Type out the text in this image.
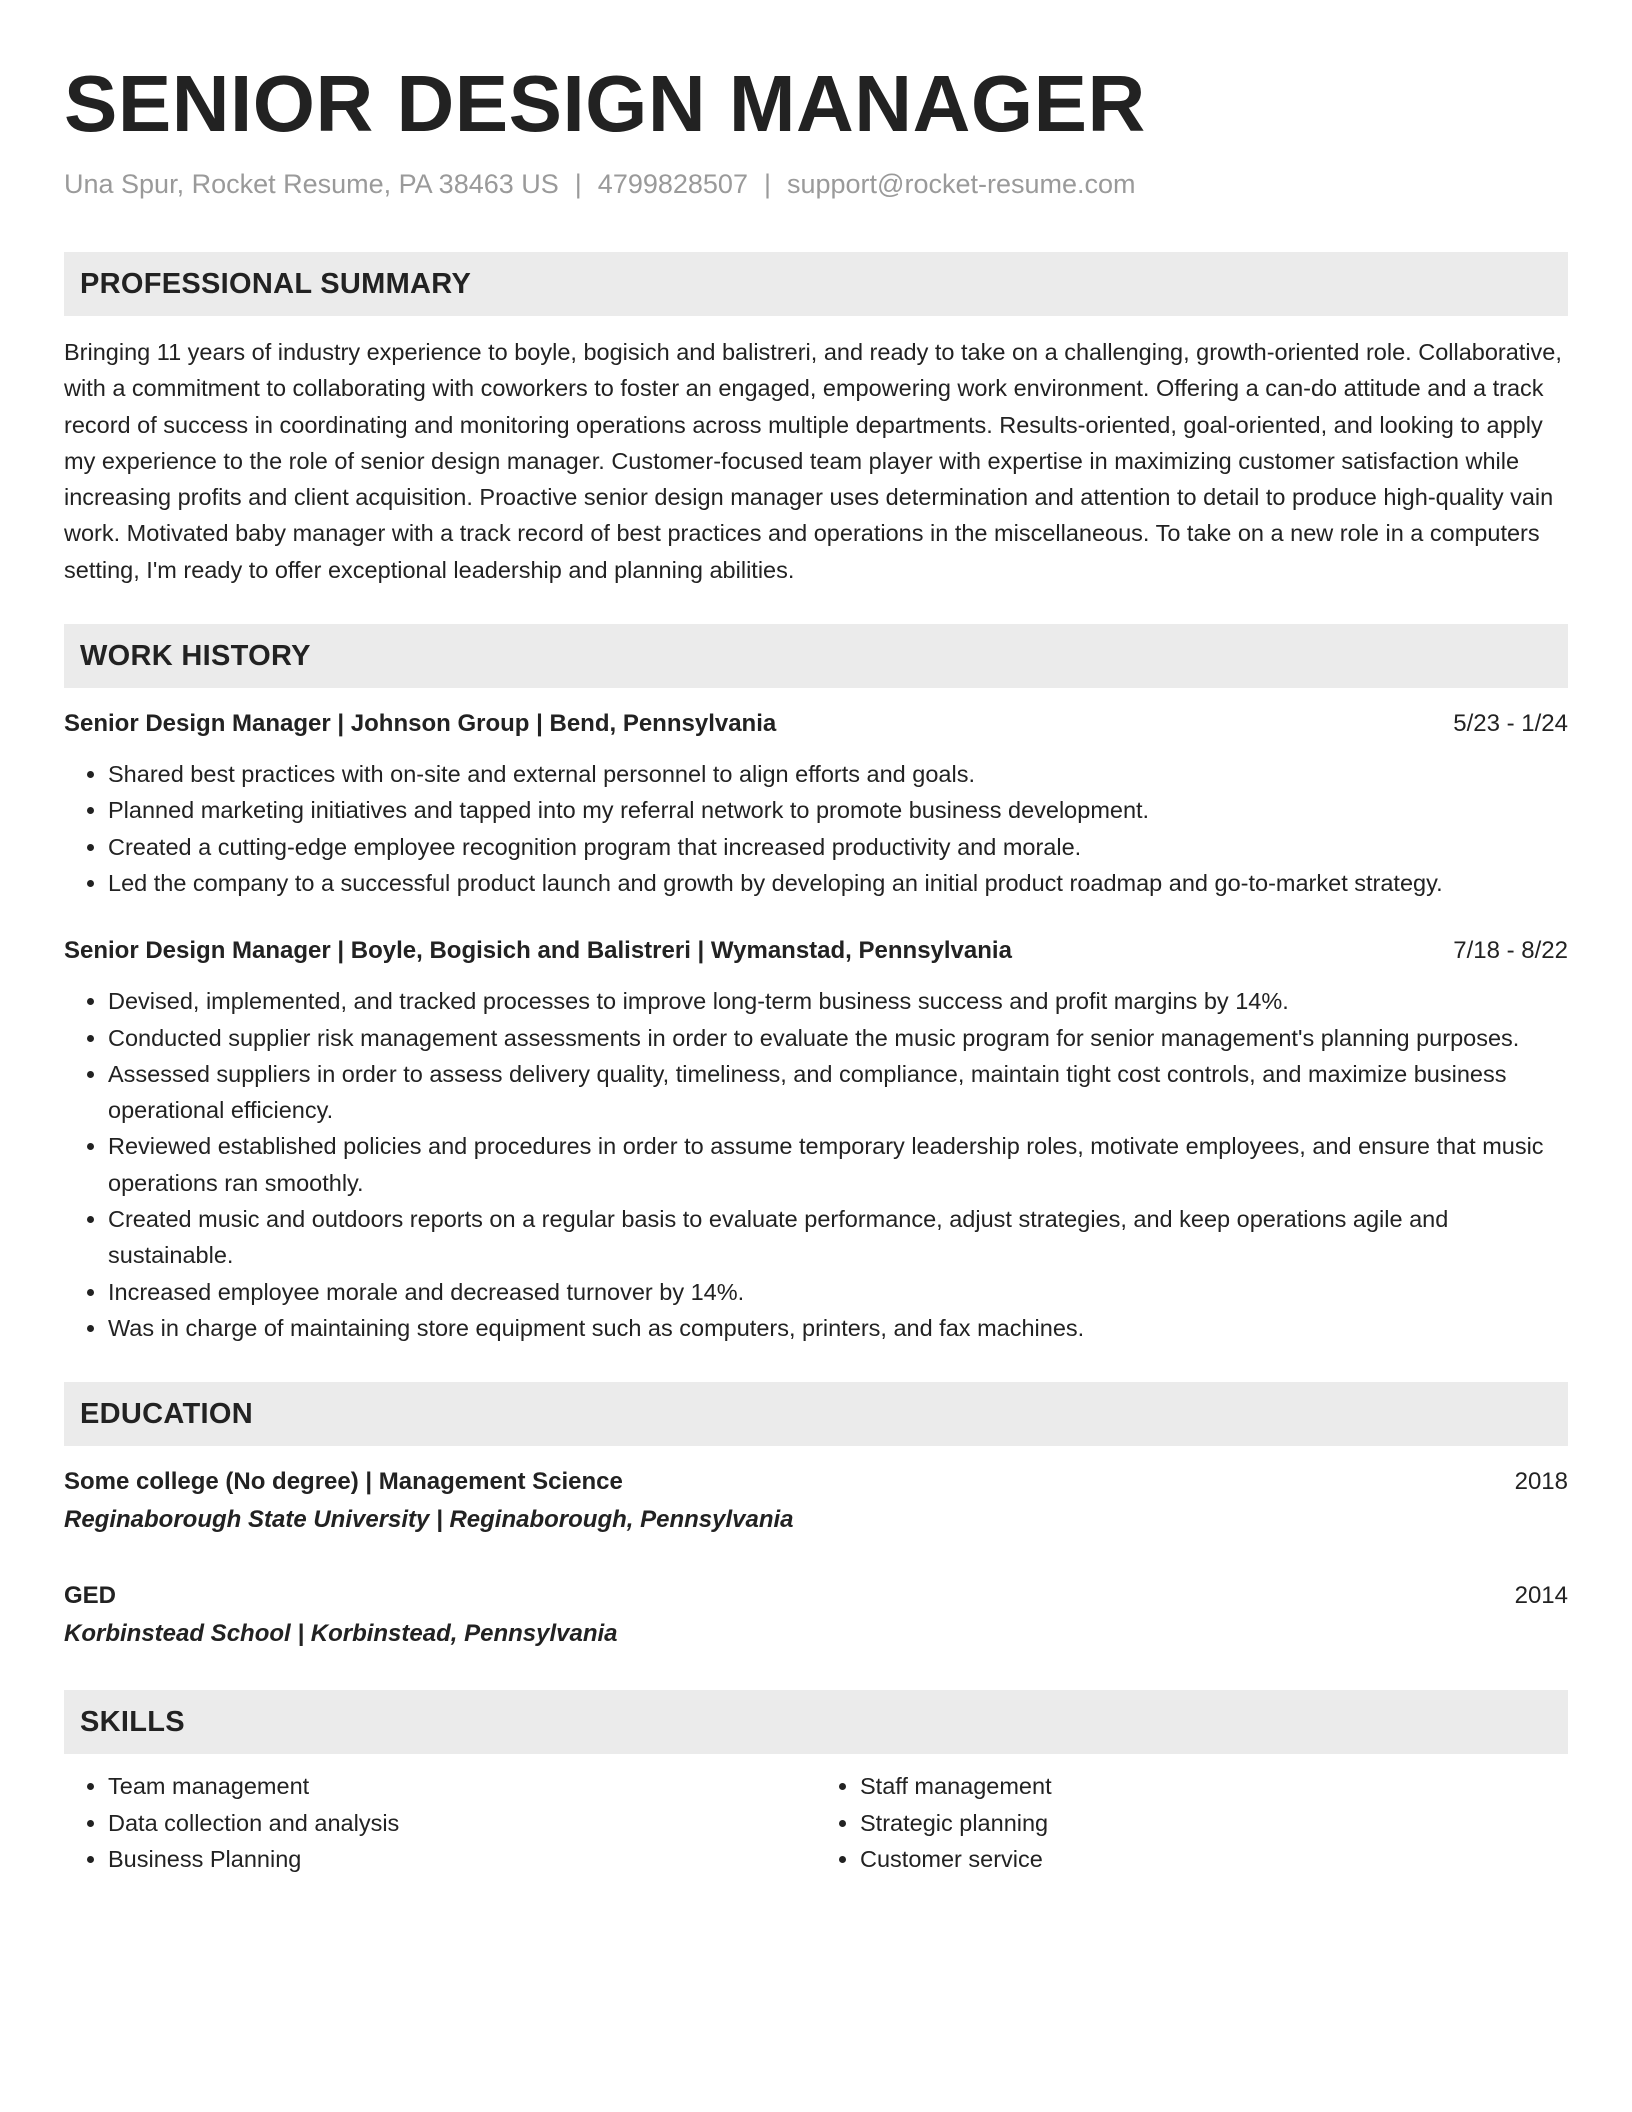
SENIOR DESIGN MANAGER
Una Spur, Rocket Resume, PA 38463 US | 4799828507 | support@rocket-resume.com
PROFESSIONAL SUMMARY
Bringing 11 years of industry experience to boyle, bogisich and balistreri, and ready to take on a challenging, growth-oriented role. Collaborative, with a commitment to collaborating with coworkers to foster an engaged, empowering work environment. Offering a can-do attitude and a track record of success in coordinating and monitoring operations across multiple departments. Results-oriented, goal-oriented, and looking to apply my experience to the role of senior design manager. Customer-focused team player with expertise in maximizing customer satisfaction while increasing profits and client acquisition. Proactive senior design manager uses determination and attention to detail to produce high-quality vain work. Motivated baby manager with a track record of best practices and operations in the miscellaneous. To take on a new role in a computers setting, I'm ready to offer exceptional leadership and planning abilities.
WORK HISTORY
Senior Design Manager | Johnson Group | Bend, Pennsylvania	5/23 - 1/24
• Shared best practices with on-site and external personnel to align efforts and goals.
• Planned marketing initiatives and tapped into my referral network to promote business development.
• Created a cutting-edge employee recognition program that increased productivity and morale.
• Led the company to a successful product launch and growth by developing an initial product roadmap and go-to-market strategy.
Senior Design Manager | Boyle, Bogisich and Balistreri | Wymanstad, Pennsylvania	7/18 - 8/22
• Devised, implemented, and tracked processes to improve long-term business success and profit margins by 14%.
• Conducted supplier risk management assessments in order to evaluate the music program for senior management's planning purposes.
• Assessed suppliers in order to assess delivery quality, timeliness, and compliance, maintain tight cost controls, and maximize business operational efficiency.
• Reviewed established policies and procedures in order to assume temporary leadership roles, motivate employees, and ensure that music operations ran smoothly.
• Created music and outdoors reports on a regular basis to evaluate performance, adjust strategies, and keep operations agile and sustainable.
• Increased employee morale and decreased turnover by 14%.
• Was in charge of maintaining store equipment such as computers, printers, and fax machines.
EDUCATION
Some college (No degree) | Management Science	2018
Reginaborough State University | Reginaborough, Pennsylvania
GED	2014
Korbinstead School | Korbinstead, Pennsylvania
SKILLS
• Team management
• Data collection and analysis
• Business Planning
• Staff management
• Strategic planning
• Customer service
